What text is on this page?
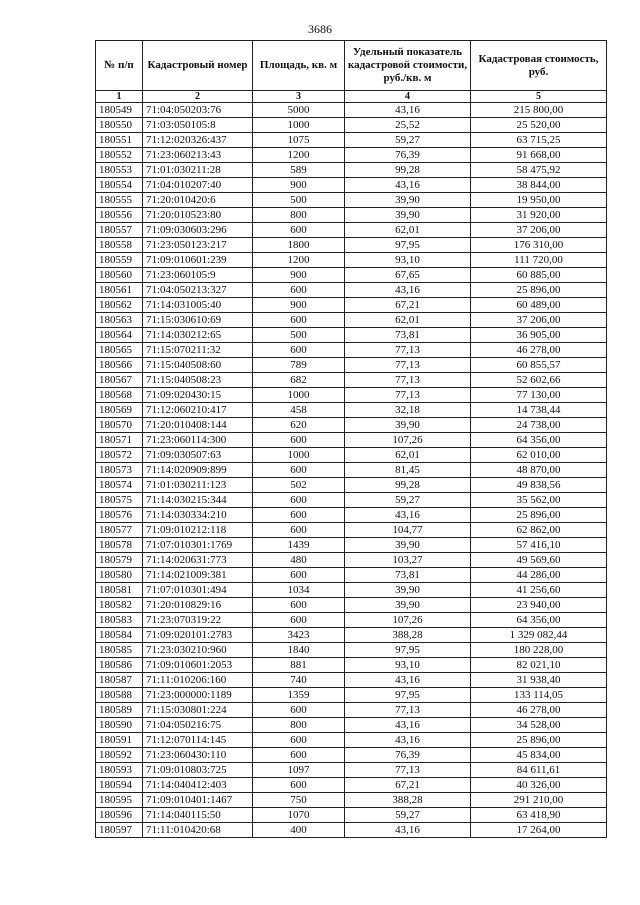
3686
№ п/п	Кадастровый номер	Площадь, кв. м	Удельный показатель кадастровой стоимости, руб./кв. м	Кадастровая стоимость, руб.
1	2	3	4	5
180549	71:04:050203:76	5000	43,16	215 800,00
180550	71:03:050105:8	1000	25,52	25 520,00
180551	71:12:020326:437	1075	59,27	63 715,25
180552	71:23:060213:43	1200	76,39	91 668,00
180553	71:01:030211:28	589	99,28	58 475,92
180554	71:04:010207:40	900	43,16	38 844,00
180555	71:20:010420:6	500	39,90	19 950,00
180556	71:20:010523:80	800	39,90	31 920,00
180557	71:09:030603:296	600	62,01	37 206,00
180558	71:23:050123:217	1800	97,95	176 310,00
180559	71:09:010601:239	1200	93,10	111 720,00
180560	71:23:060105:9	900	67,65	60 885,00
180561	71:04:050213:327	600	43,16	25 896,00
180562	71:14:031005:40	900	67,21	60 489,00
180563	71:15:030610:69	600	62,01	37 206,00
180564	71:14:030212:65	500	73,81	36 905,00
180565	71:15:070211:32	600	77,13	46 278,00
180566	71:15:040508:60	789	77,13	60 855,57
180567	71:15:040508:23	682	77,13	52 602,66
180568	71:09:020430:15	1000	77,13	77 130,00
180569	71:12:060210:417	458	32,18	14 738,44
180570	71:20:010408:144	620	39,90	24 738,00
180571	71:23:060114:300	600	107,26	64 356,00
180572	71:09:030507:63	1000	62,01	62 010,00
180573	71:14:020909:899	600	81,45	48 870,00
180574	71:01:030211:123	502	99,28	49 838,56
180575	71:14:030215:344	600	59,27	35 562,00
180576	71:14:030334:210	600	43,16	25 896,00
180577	71:09:010212:118	600	104,77	62 862,00
180578	71:07:010301:1769	1439	39,90	57 416,10
180579	71:14:020631:773	480	103,27	49 569,60
180580	71:14:021009:381	600	73,81	44 286,00
180581	71:07:010301:494	1034	39,90	41 256,60
180582	71:20:010829:16	600	39,90	23 940,00
180583	71:23:070319:22	600	107,26	64 356,00
180584	71:09:020101:2783	3423	388,28	1 329 082,44
180585	71:23:030210:960	1840	97,95	180 228,00
180586	71:09:010601:2053	881	93,10	82 021,10
180587	71:11:010206:160	740	43,16	31 938,40
180588	71:23:000000:1189	1359	97,95	133 114,05
180589	71:15:030801:224	600	77,13	46 278,00
180590	71:04:050216:75	800	43,16	34 528,00
180591	71:12:070114:145	600	43,16	25 896,00
180592	71:23:060430:110	600	76,39	45 834,00
180593	71:09:010803:725	1097	77,13	84 611,61
180594	71:14:040412:403	600	67,21	40 326,00
180595	71:09:010401:1467	750	388,28	291 210,00
180596	71:14:040115:50	1070	59,27	63 418,90
180597	71:11:010420:68	400	43,16	17 264,00
